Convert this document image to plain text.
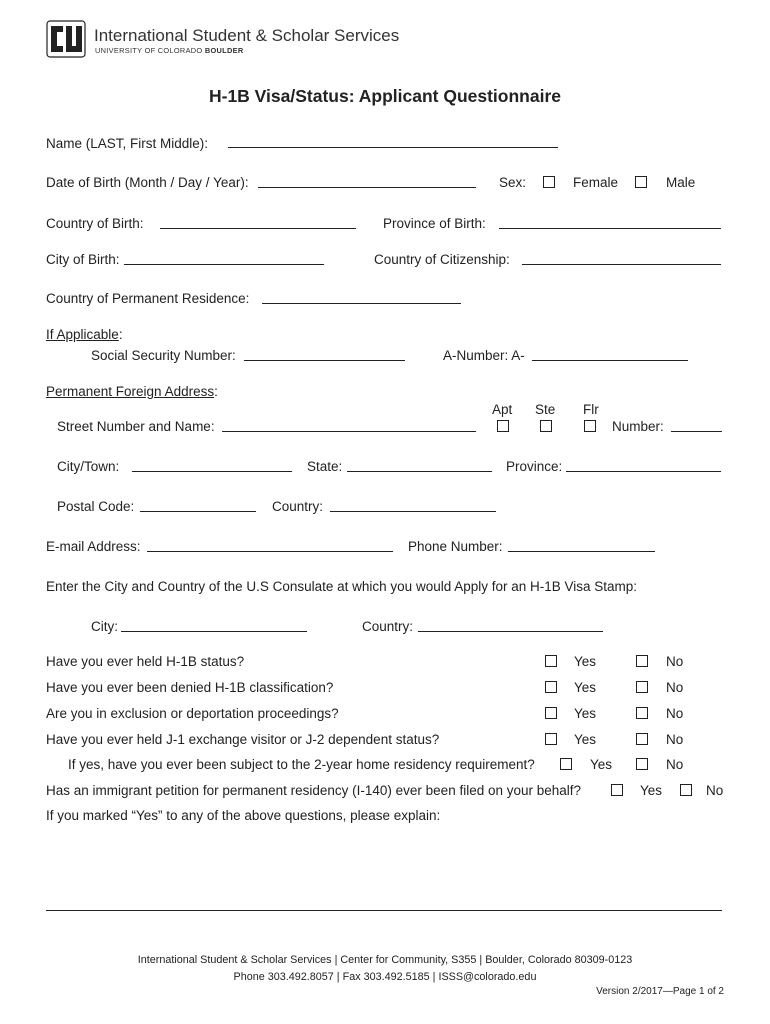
International Student & Scholar Services
UNIVERSITY OF COLORADO BOULDER
H-1B Visa/Status: Applicant Questionnaire
Name (LAST, First Middle):
Date of Birth (Month / Day / Year):	Sex:	Female	Male
Country of Birth:	Province of Birth:
City of Birth:	Country of Citizenship:
Country of Permanent Residence:
If Applicable:
Social Security Number:	A-Number: A-
Permanent Foreign Address:
Apt Ste Flr
Street Number and Name:	Number:
City/Town:	State:	Province:
Postal Code:	Country:
E-mail Address:	Phone Number:
Enter the City and Country of the U.S Consulate at which you would Apply for an H-1B Visa Stamp:
City:	Country:
Have you ever held H-1B status?	Yes	No
Have you ever been denied H-1B classification?	Yes	No
Are you in exclusion or deportation proceedings?	Yes	No
Have you ever held J-1 exchange visitor or J-2 dependent status?	Yes	No
If yes, have you ever been subject to the 2-year home residency requirement?	Yes	No
Has an immigrant petition for permanent residency (I-140) ever been filed on your behalf?	Yes	No
If you marked “Yes” to any of the above questions, please explain:
International Student & Scholar Services | Center for Community, S355 | Boulder, Colorado 80309-0123
Phone 303.492.8057 | Fax 303.492.5185 | ISSS@colorado.edu
Version 2/2017—Page 1 of 2
